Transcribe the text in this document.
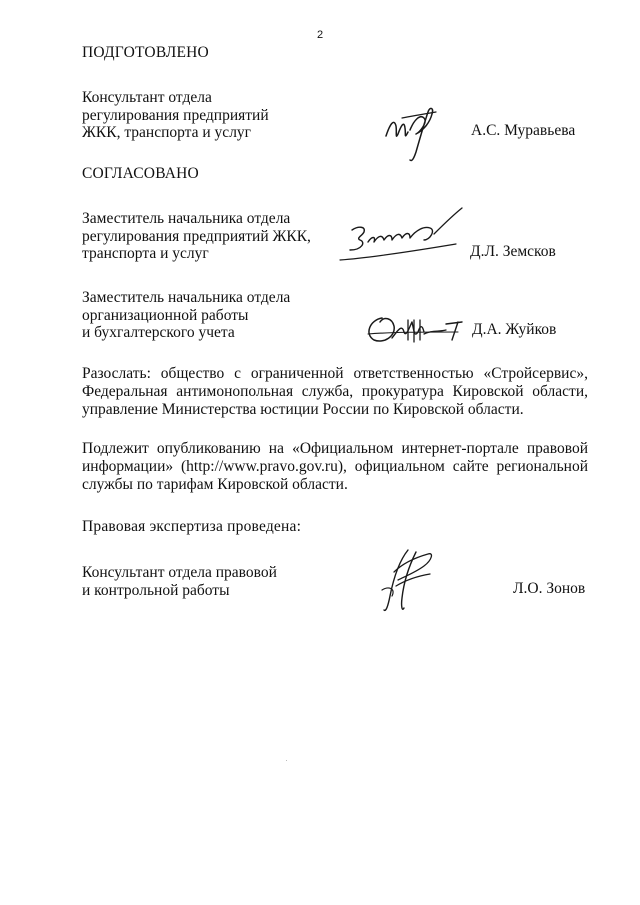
2
ПОДГОТОВЛЕНО
Консультант отдела
регулирования предприятий
ЖКК, транспорта и услуг	А.С. Муравьева
СОГЛАСОВАНО
Заместитель начальника отдела
регулирования предприятий ЖКК,
транспорта и услуг	Д.Л. Земсков
Заместитель начальника отдела
организационной работы
и бухгалтерского учета	Д.А. Жуйков
Разослать: общество с ограниченной ответственностью «Стройсервис»,
Федеральная антимонопольная служба, прокуратура Кировской области,
управление Министерства юстиции России по Кировской области.
Подлежит опубликованию на «Официальном интернет-портале правовой
информации» (http://www.pravo.gov.ru), официальном сайте региональной
службы по тарифам Кировской области.
Правовая экспертиза проведена:
Консультант отдела правовой
и контрольной работы	Л.О. Зонов
